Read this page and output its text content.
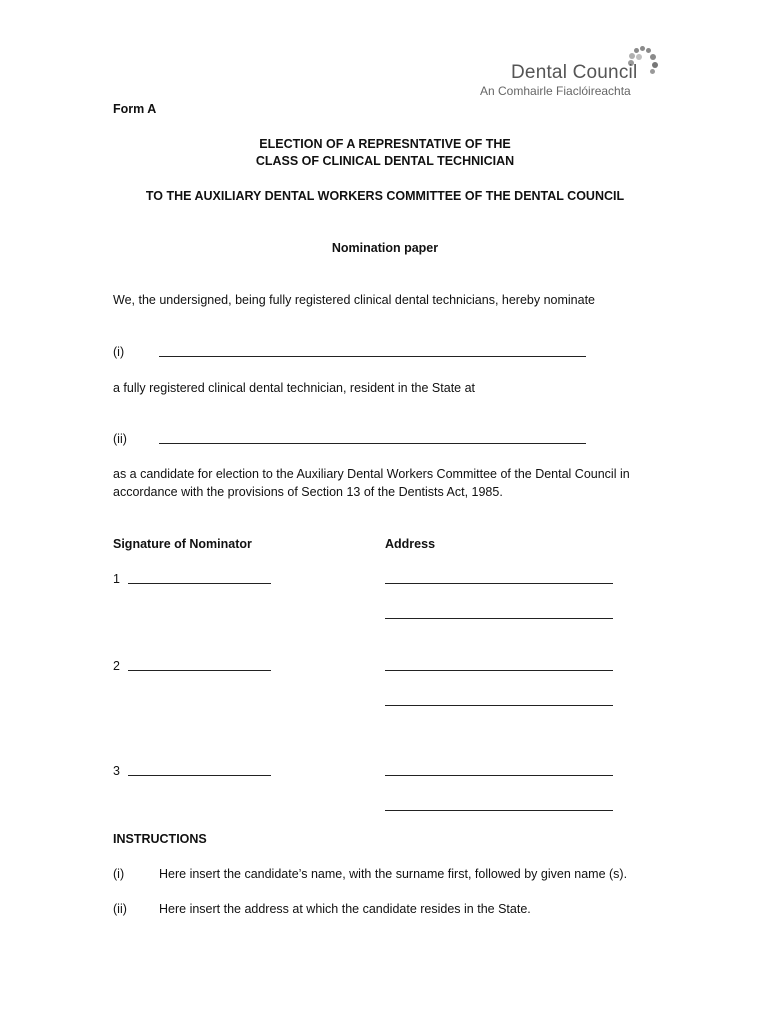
Dental Council
An Comhairle Fiaclóireachta
Form A
ELECTION OF A REPRESNTATIVE OF THE
CLASS OF CLINICAL DENTAL TECHNICIAN
TO THE AUXILIARY DENTAL WORKERS COMMITTEE OF THE DENTAL COUNCIL
Nomination paper
We, the undersigned, being fully registered clinical dental technicians, hereby nominate
(i)
a fully registered clinical dental technician, resident in the State at
(ii)
as a candidate for election to the Auxiliary Dental Workers Committee of the Dental Council in
accordance with the provisions of Section 13 of the Dentists Act, 1985.
Signature of Nominator	Address
1
2
3
INSTRUCTIONS
(i)	Here insert the candidate’s name, with the surname first, followed by given name (s).
(ii)	Here insert the address at which the candidate resides in the State.
